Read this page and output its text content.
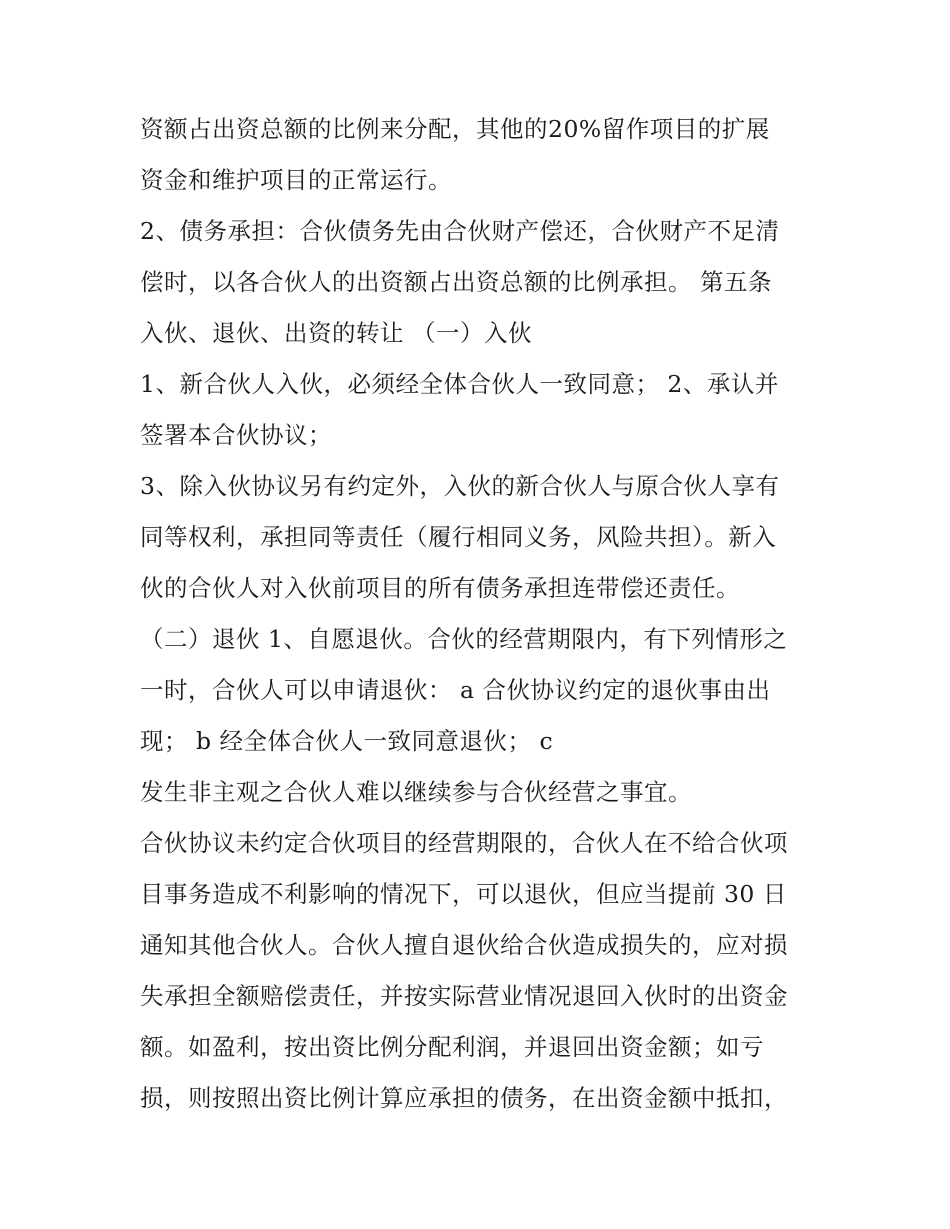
资额占出资总额的比例来分配，其他的20%留作项目的扩展
资金和维护项目的正常运行。
2、债务承担：合伙债务先由合伙财产偿还，合伙财产不足清
偿时，以各合伙人的出资额占出资总额的比例承担。 第五条
入伙、退伙、出资的转让 （一）入伙
1、新合伙人入伙，必须经全体合伙人一致同意； 2、承认并
签署本合伙协议；
3、除入伙协议另有约定外，入伙的新合伙人与原合伙人享有
同等权利，承担同等责任（履行相同义务，风险共担）。新入
伙的合伙人对入伙前项目的所有债务承担连带偿还责任。
（二）退伙 1、自愿退伙。合伙的经营期限内，有下列情形之
一时，合伙人可以申请退伙： a 合伙协议约定的退伙事由出
现； b 经全体合伙人一致同意退伙； c
发生非主观之合伙人难以继续参与合伙经营之事宜。
合伙协议未约定合伙项目的经营期限的，合伙人在不给合伙项
目事务造成不利影响的情况下，可以退伙，但应当提前 30 日
通知其他合伙人。合伙人擅自退伙给合伙造成损失的，应对损
失承担全额赔偿责任，并按实际营业情况退回入伙时的出资金
额。如盈利，按出资比例分配利润，并退回出资金额；如亏
损，则按照出资比例计算应承担的债务，在出资金额中抵扣，
